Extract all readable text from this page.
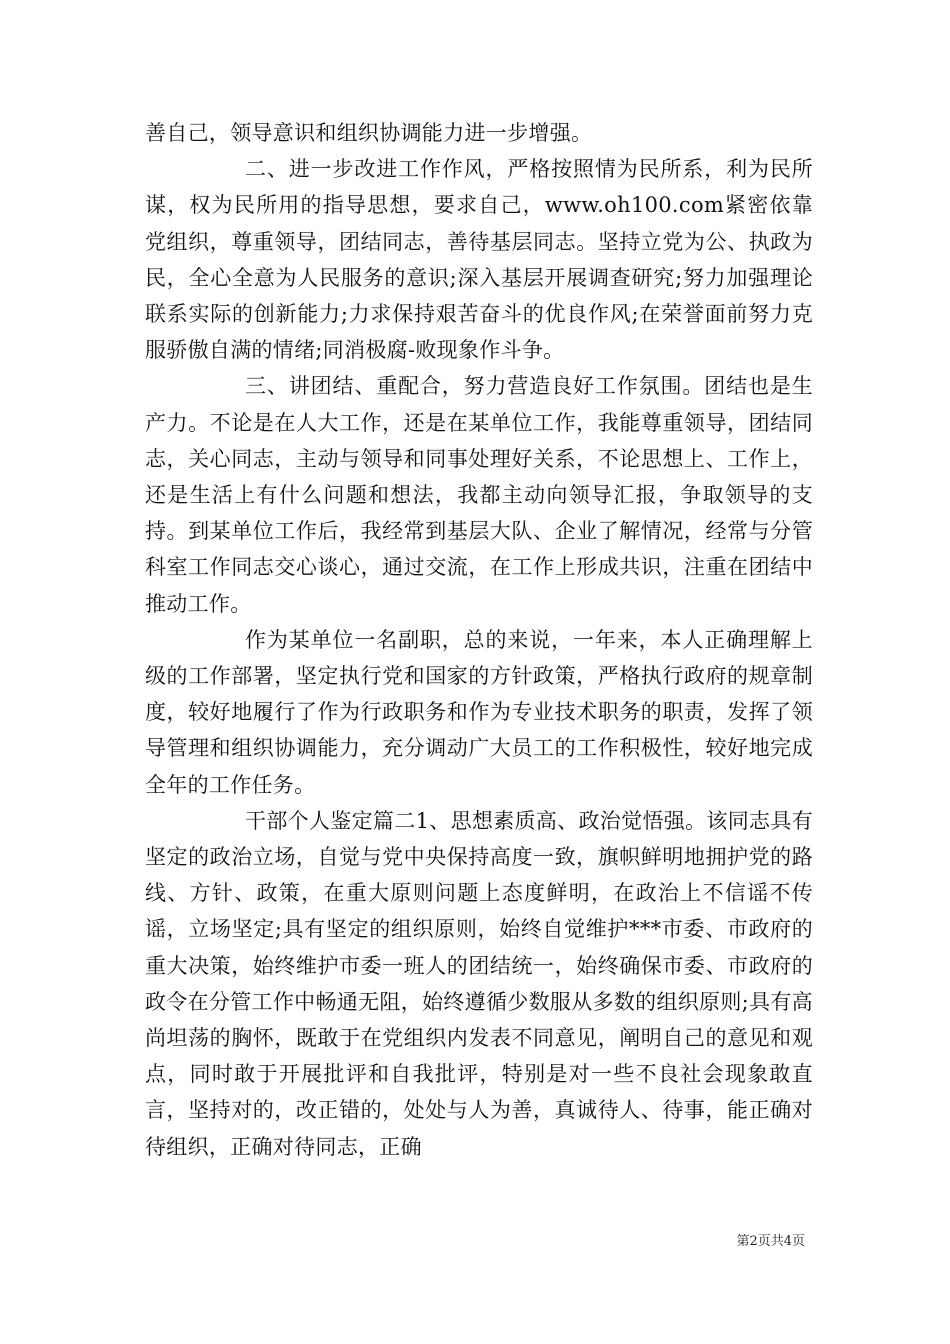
善自己，领导意识和组织协调能力进一步增强。

二、进一步改进工作作风，严格按照情为民所系，利为民所谋，权为民所用的指导思想，要求自己，www.oh100.com紧密依靠党组织，尊重领导，团结同志，善待基层同志。坚持立党为公、执政为民，全心全意为人民服务的意识;深入基层开展调查研究;努力加强理论联系实际的创新能力;力求保持艰苦奋斗的优良作风;在荣誉面前努力克服骄傲自满的情绪;同消极腐-败现象作斗争。

三、讲团结、重配合，努力营造良好工作氛围。团结也是生产力。不论是在人大工作，还是在某单位工作，我能尊重领导，团结同志，关心同志，主动与领导和同事处理好关系，不论思想上、工作上，还是生活上有什么问题和想法，我都主动向领导汇报，争取领导的支持。到某单位工作后，我经常到基层大队、企业了解情况，经常与分管科室工作同志交心谈心，通过交流，在工作上形成共识，注重在团结中推动工作。

作为某单位一名副职，总的来说，一年来，本人正确理解上级的工作部署，坚定执行党和国家的方针政策，严格执行政府的规章制度，较好地履行了作为行政职务和作为专业技术职务的职责，发挥了领导管理和组织协调能力，充分调动广大员工的工作积极性，较好地完成全年的工作任务。

干部个人鉴定篇二1、思想素质高、政治觉悟强。该同志具有坚定的政治立场，自觉与党中央保持高度一致，旗帜鲜明地拥护党的路线、方针、政策，在重大原则问题上态度鲜明，在政治上不信谣不传谣，立场坚定;具有坚定的组织原则，始终自觉维护***市委、市政府的重大决策，始终维护市委一班人的团结统一，始终确保市委、市政府的政令在分管工作中畅通无阻，始终遵循少数服从多数的组织原则;具有高尚坦荡的胸怀，既敢于在党组织内发表不同意见，阐明自己的意见和观点，同时敢于开展批评和自我批评，特别是对一些不良社会现象敢直言，坚持对的，改正错的，处处与人为善，真诚待人、待事，能正确对待组织，正确对待同志，正确

第2页共4页
